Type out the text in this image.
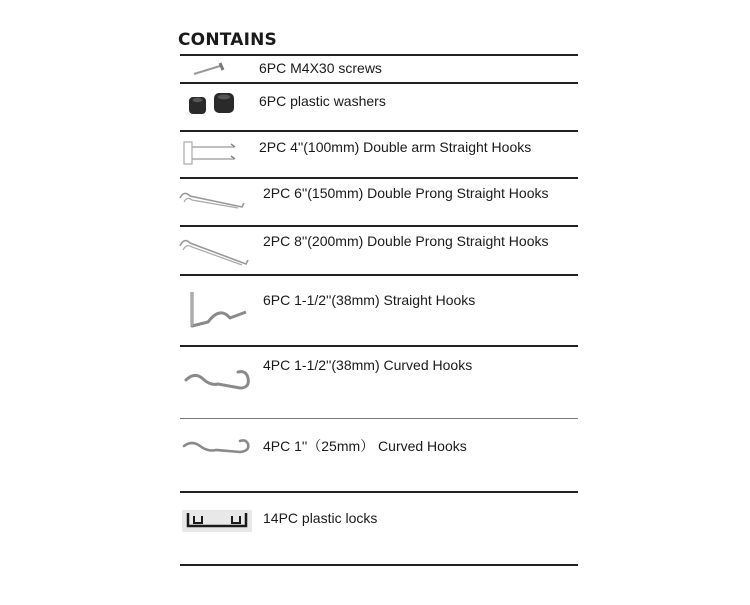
CONTAINS
6PC M4X30 screws
6PC plastic washers
2PC 4''(100mm) Double arm Straight Hooks
2PC 6''(150mm) Double Prong Straight Hooks
2PC 8''(200mm) Double Prong Straight Hooks
6PC 1-1/2''(38mm) Straight Hooks
4PC 1-1/2''(38mm) Curved Hooks
4PC 1''（25mm） Curved Hooks
14PC plastic locks
